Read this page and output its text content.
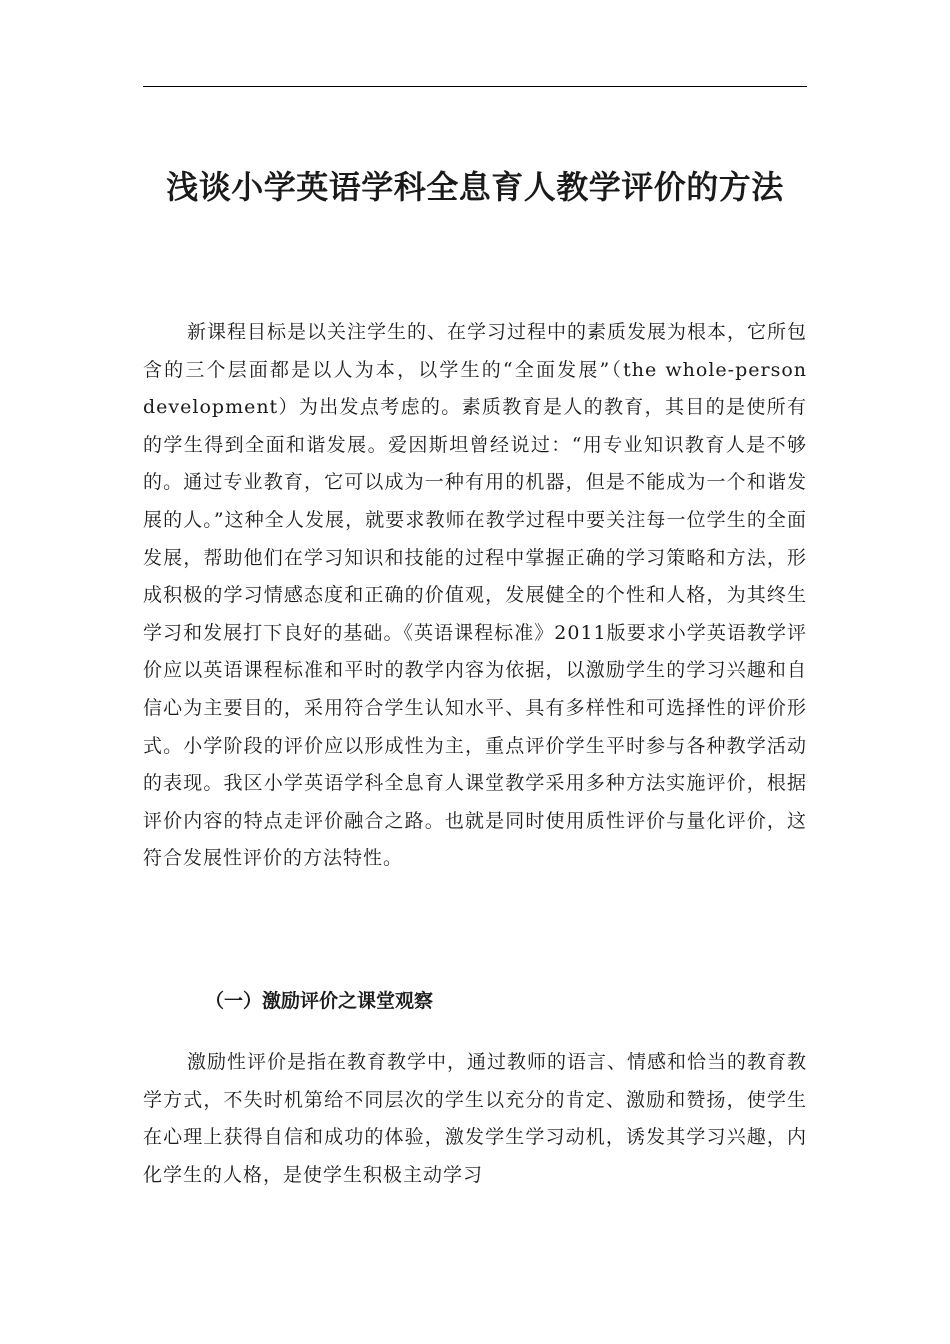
浅谈小学英语学科全息育人教学评价的方法

新课程目标是以关注学生的、在学习过程中的素质发展为根本，它所包含的三个层面都是以人为本，以学生的“全面发展”（the whole-person development）为出发点考虑的。素质教育是人的教育，其目的是使所有的学生得到全面和谐发展。爱因斯坦曾经说过：“用专业知识教育人是不够的。通过专业教育，它可以成为一种有用的机器，但是不能成为一个和谐发展的人。”这种全人发展，就要求教师在教学过程中要关注每一位学生的全面发展，帮助他们在学习知识和技能的过程中掌握正确的学习策略和方法，形成积极的学习情感态度和正确的价值观，发展健全的个性和人格，为其终生学习和发展打下良好的基础。《英语课程标准》2011版要求小学英语教学评价应以英语课程标准和平时的教学内容为依据，以激励学生的学习兴趣和自信心为主要目的，采用符合学生认知水平、具有多样性和可选择性的评价形式。小学阶段的评价应以形成性为主，重点评价学生平时参与各种教学活动的表现。我区小学英语学科全息育人课堂教学采用多种方法实施评价，根据评价内容的特点走评价融合之路。也就是同时使用质性评价与量化评价，这符合发展性评价的方法特性。

（一）激励评价之课堂观察

激励性评价是指在教育教学中，通过教师的语言、情感和恰当的教育教学方式，不失时机第给不同层次的学生以充分的肯定、激励和赞扬，使学生在心理上获得自信和成功的体验，激发学生学习动机，诱发其学习兴趣，内化学生的人格，是使学生积极主动学习
